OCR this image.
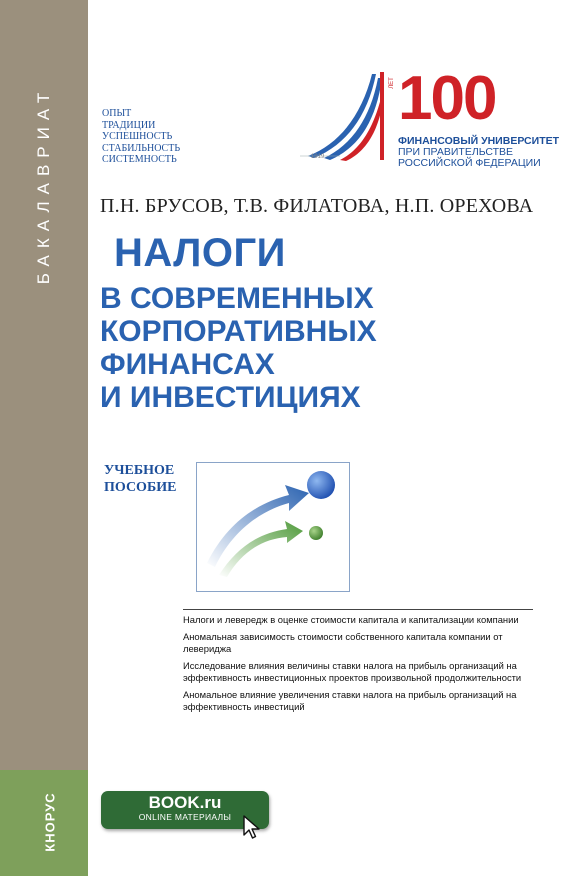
БАКАЛАВРИАТ
КНОРУС
ОПЫТ
ТРАДИЦИИ
УСПЕШНОСТЬ
СТАБИЛЬНОСТЬ
СИСТЕМНОСТЬ
ЛЕТ 100
1919
ФИНАНСОВЫЙ УНИВЕРСИТЕТ
ПРИ ПРАВИТЕЛЬСТВЕ
РОССИЙСКОЙ ФЕДЕРАЦИИ
П.Н. БРУСОВ, Т.В. ФИЛАТОВА, Н.П. ОРЕХОВА
НАЛОГИ
В СОВРЕМЕННЫХ
КОРПОРАТИВНЫХ
ФИНАНСАХ
И ИНВЕСТИЦИЯХ
УЧЕБНОЕ
ПОСОБИЕ
Налоги и левередж в оценке стоимости капитала и капитализации компании
Аномальная зависимость стоимости собственного капитала компании от левериджа
Исследование влияния величины ставки налога на прибыль организаций на эффективность инвестиционных проектов произвольной продолжительности
Аномальное влияние увеличения ставки налога на прибыль организаций на эффективность инвестиций
BOOK.ru
ONLINE МАТЕРИАЛЫ
